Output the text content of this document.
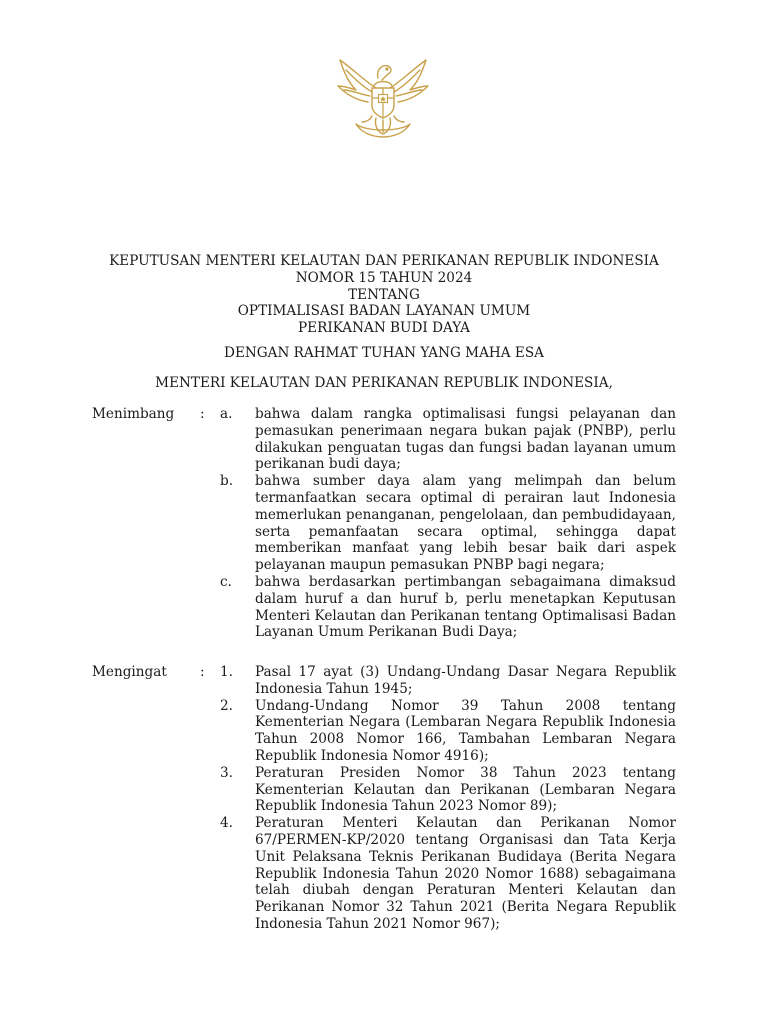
KEPUTUSAN MENTERI KELAUTAN DAN PERIKANAN REPUBLIK INDONESIA
NOMOR 15 TAHUN 2024
TENTANG
OPTIMALISASI BADAN LAYANAN UMUM
PERIKANAN BUDI DAYA
DENGAN RAHMAT TUHAN YANG MAHA ESA
MENTERI KELAUTAN DAN PERIKANAN REPUBLIK INDONESIA,
Menimbang : a. bahwa dalam rangka optimalisasi fungsi pelayanan dan pemasukan penerimaan negara bukan pajak (PNBP), perlu dilakukan penguatan tugas dan fungsi badan layanan umum perikanan budi daya;
b. bahwa sumber daya alam yang melimpah dan belum termanfaatkan secara optimal di perairan laut Indonesia memerlukan penanganan, pengelolaan, dan pembudidayaan, serta pemanfaatan secara optimal, sehingga dapat memberikan manfaat yang lebih besar baik dari aspek pelayanan maupun pemasukan PNBP bagi negara;
c. bahwa berdasarkan pertimbangan sebagaimana dimaksud dalam huruf a dan huruf b, perlu menetapkan Keputusan Menteri Kelautan dan Perikanan tentang Optimalisasi Badan Layanan Umum Perikanan Budi Daya;
Mengingat : 1. Pasal 17 ayat (3) Undang-Undang Dasar Negara Republik Indonesia Tahun 1945;
2. Undang-Undang Nomor 39 Tahun 2008 tentang Kementerian Negara (Lembaran Negara Republik Indonesia Tahun 2008 Nomor 166, Tambahan Lembaran Negara Republik Indonesia Nomor 4916);
3. Peraturan Presiden Nomor 38 Tahun 2023 tentang Kementerian Kelautan dan Perikanan (Lembaran Negara Republik Indonesia Tahun 2023 Nomor 89);
4. Peraturan Menteri Kelautan dan Perikanan Nomor 67/PERMEN-KP/2020 tentang Organisasi dan Tata Kerja Unit Pelaksana Teknis Perikanan Budidaya (Berita Negara Republik Indonesia Tahun 2020 Nomor 1688) sebagaimana telah diubah dengan Peraturan Menteri Kelautan dan Perikanan Nomor 32 Tahun 2021 (Berita Negara Republik Indonesia Tahun 2021 Nomor 967);
